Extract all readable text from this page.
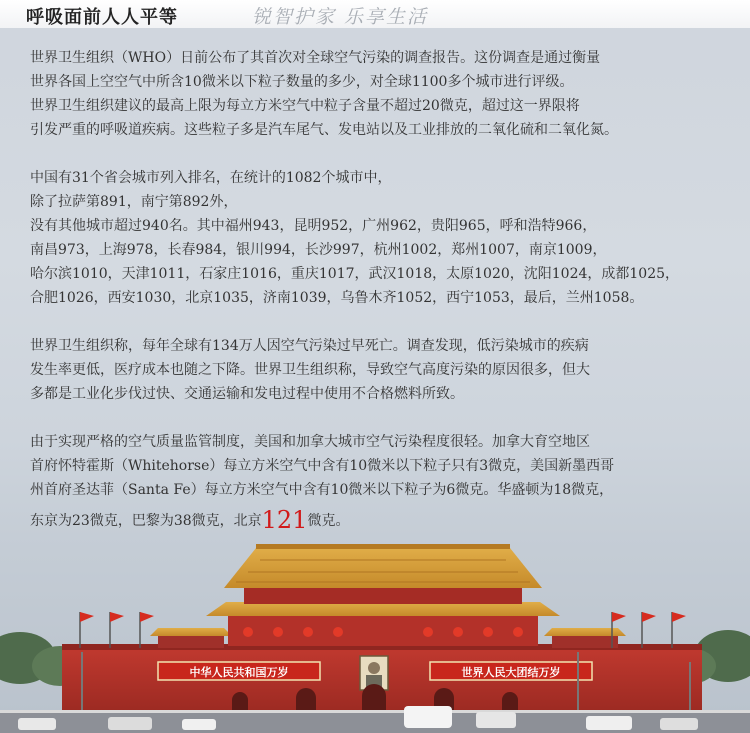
呼吸面前人人平等	锐智护家 乐享生活

世界卫生组织（WHO）日前公布了其首次对全球空气污染的调查报告。这份调查是通过衡量
世界各国上空空气中所含10微米以下粒子数量的多少，对全球1100多个城市进行评级。
世界卫生组织建议的最高上限为每立方米空气中粒子含量不超过20微克，超过这一界限将
引发严重的呼吸道疾病。这些粒子多是汽车尾气、发电站以及工业排放的二氧化硫和二氧化氮。

中国有31个省会城市列入排名，在统计的1082个城市中，
除了拉萨第891，南宁第892外，
没有其他城市超过940名。其中福州943，昆明952，广州962，贵阳965，呼和浩特966，
南昌973，上海978，长春984，银川994，长沙997，杭州1002，郑州1007，南京1009，
哈尔滨1010，天津1011，石家庄1016，重庆1017，武汉1018，太原1020，沈阳1024，成都1025，
合肥1026，西安1030，北京1035，济南1039，乌鲁木齐1052，西宁1053，最后，兰州1058。

世界卫生组织称，每年全球有134万人因空气污染过早死亡。调查发现，低污染城市的疾病
发生率更低，医疗成本也随之下降。世界卫生组织称，导致空气高度污染的原因很多，但大
多都是工业化步伐过快、交通运输和发电过程中使用不合格燃料所致。

由于实现严格的空气质量监管制度，美国和加拿大城市空气污染程度很轻。加拿大育空地区
首府怀特霍斯（Whitehorse）每立方米空气中含有10微米以下粒子只有3微克，美国新墨西哥
州首府圣达菲（Santa Fe）每立方米空气中含有10微米以下粒子为6微克。华盛顿为18微克，
东京为23微克，巴黎为38微克，北京121微克。

中华人民共和国万岁	世界人民大团结万岁
